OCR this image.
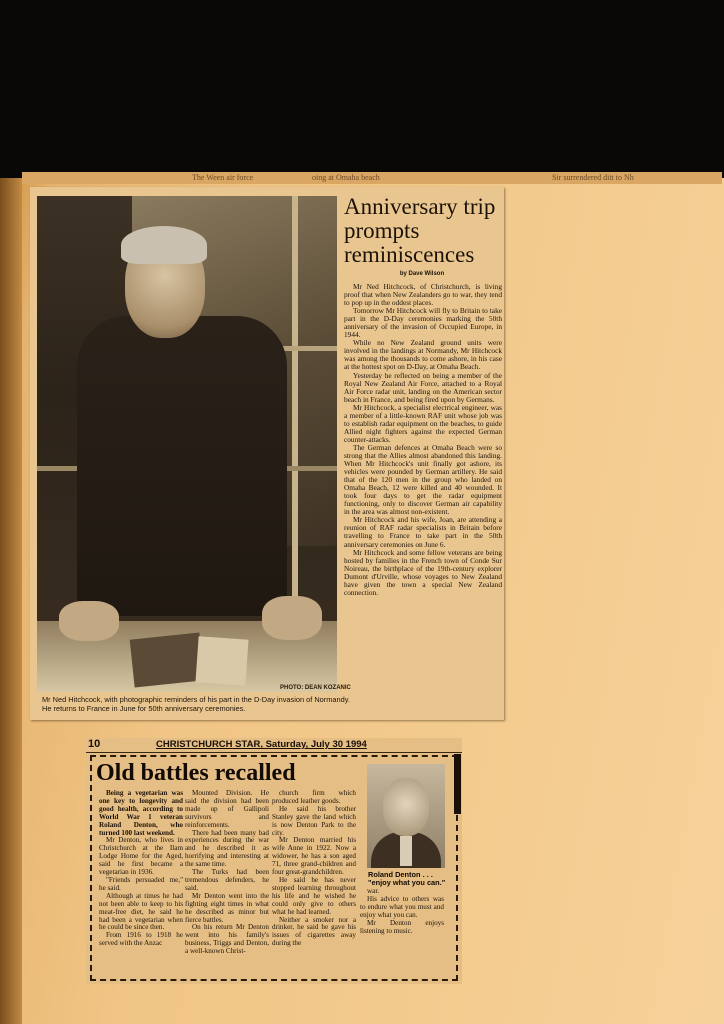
The Ween air force	oing at Omaha beach	Sir surrendered ditt to Nh
PHOTO: DEAN KOZANIC
Mr Ned Hitchcock, with photographic reminders of his part in the D-Day invasion of Normandy. He returns to France in June for 50th anniversary ceremonies.
Anniversary trip prompts reminiscences
by Dave Wilson

Mr Ned Hitchcock, of Christchurch, is living proof that when New Zealanders go to war, they tend to pop up in the oddest places.

Tomorrow Mr Hitchcock will fly to Britain to take part in the D-Day ceremonies marking the 50th anniversary of the invasion of Occupied Europe, in 1944.

While no New Zealand ground units were involved in the landings at Normandy, Mr Hitchcock was among the thousands to come ashore, in his case at the hottest spot on D-Day, at Omaha Beach.

Yesterday he reflected on being a member of the Royal New Zealand Air Force, attached to a Royal Air Force radar unit, landing on the American sector beach in France, and being fired upon by Germans.

Mr Hitchcock, a specialist electrical engineer, was a member of a little-known RAF unit whose job was to establish radar equipment on the beaches, to guide Allied night fighters against the expected German counter-attacks.

The German defences at Omaha Beach were so strong that the Allies almost abandoned this landing. When Mr Hitchcock's unit finally got ashore, its vehicles were pounded by German artillery. He said that of the 120 men in the group who landed on Omaha Beach, 12 were killed and 40 wounded. It took four days to get the radar equipment functioning, only to discover German air capability in the area was almost non-existent.

Mr Hitchcock and his wife, Joan, are attending a reunion of RAF radar specialists in Britain before travelling to France to take part in the 50th anniversary ceremonies on June 6.

Mr Hitchcock and some fellow veterans are being hosted by families in the French town of Conde Sur Noireau, the birthplace of the 19th-century explorer Dumont d'Urville, whose voyages to New Zealand have given the town a special New Zealand connection.

10	CHRISTCHURCH STAR, Saturday, July 30 1994
Old battles recalled

Being a vegetarian was one key to longevity and good health, according to World War 1 veteran Roland Denton, who turned 100 last weekend.

Mr Denton, who lives in Christchurch at the Ilam Lodge Home for the Aged, said he first became a vegetarian in 1936.

"Friends persuaded me," he said.

Although at times he had not been able to keep to his meat-free diet, he said he had been a vegetarian when he could be since then.

From 1916 to 1918 he served with the Anzac

Mounted Division. He said the division had been made up of Gallipoli survivors and reinforcements.

There had been many bad experiences during the war and he described it as horrifying and interesting at the same time.

The Turks had been tremendous defenders, he said.

Mr Denton went into the fighting eight times in what he described as minor but fierce battles.

On his return Mr Denton went into his family's business, Triggs and Denton, a well-known Christ-

church firm which produced leather goods.

He said his brother Stanley gave the land which is now Denton Park to the city.

Mr Denton married his wife Anne in 1922. Now a widower, he has a son aged 71, three grand-children and four great-grandchildren.

He said he has never stopped learning throughout his life and he wished he could only give to others what he had learned.

Neither a smoker nor a drinker, he said he gave his issues of cigarettes away during the

Roland Denton . . . "enjoy what you can."

war.

His advice to others was to endure what you must and enjoy what you can.

Mr Denton enjoys listening to music.
